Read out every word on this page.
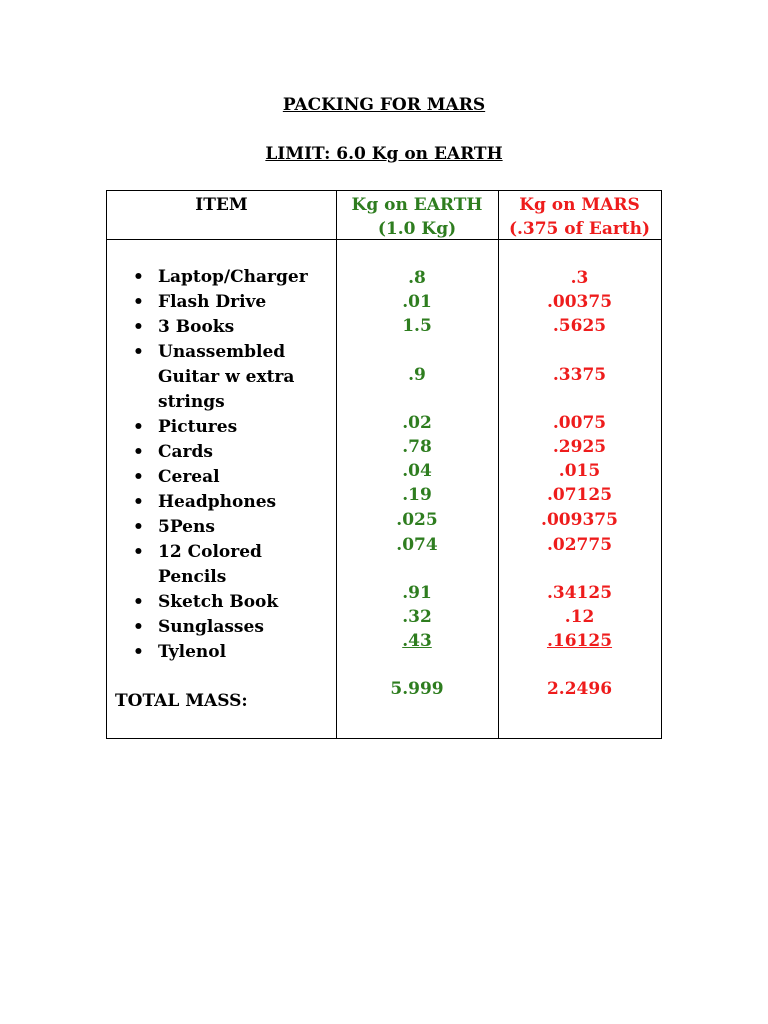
PACKING FOR MARS
LIMIT: 6.0 Kg on EARTH
ITEM	Kg on EARTH
(1.0 Kg)
Kg on MARS
(.375 of Earth)
• Laptop/Charger
• Flash Drive
• 3 Books
• Unassembled Guitar w extra strings
• Pictures
• Cards
• Cereal
• Headphones
• 5Pens
• 12 Colored Pencils
• Sketch Book
• Sunglasses
• Tylenol
TOTAL MASS:
.8
.01
1.5
.9
.02
.78
.04
.19
.025
.074
.91
.32
.43
5.999
.3
.00375
.5625
.3375
.0075
.2925
.015
.07125
.009375
.02775
.34125
.12
.16125
2.2496
